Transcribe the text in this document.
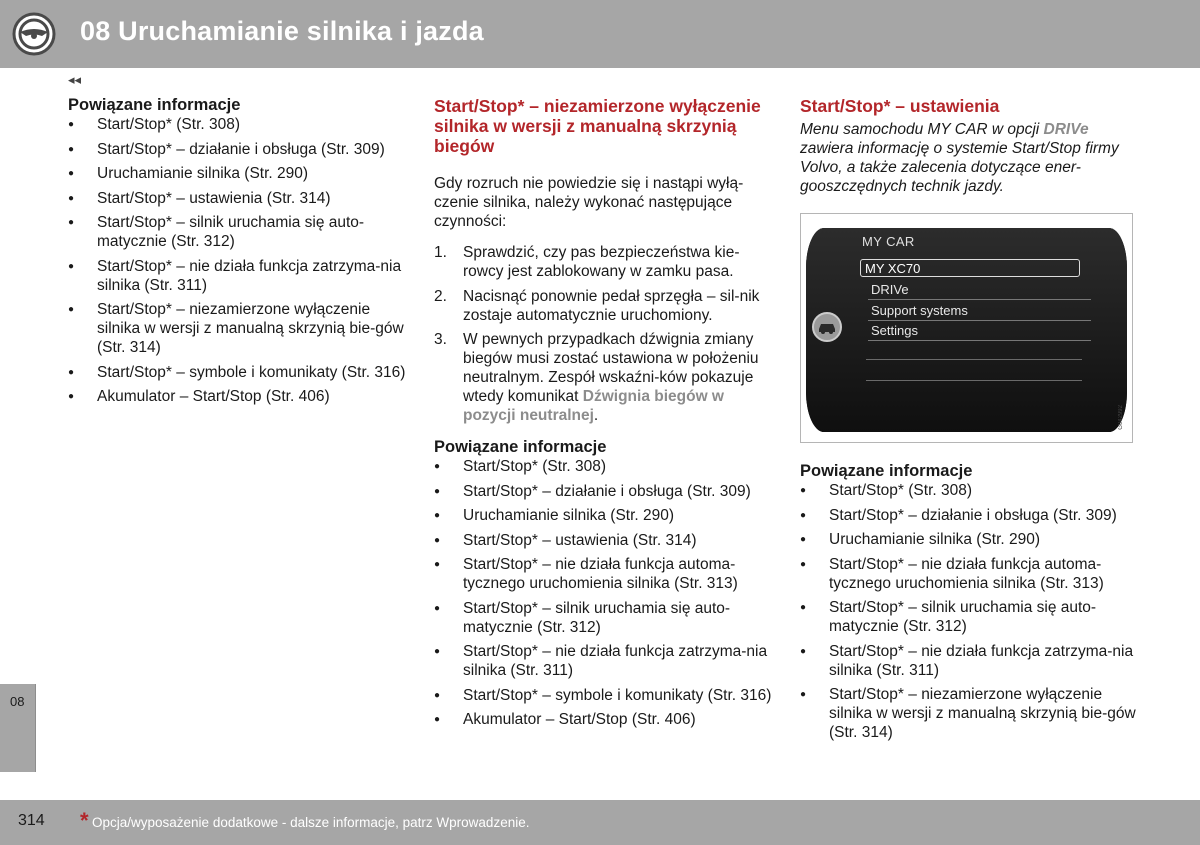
08 Uruchamianie silnika i jazda
◂◂
Powiązane informacje
● Start/Stop* (Str. 308)
● Start/Stop* – działanie i obsługa (Str. 309)
● Uruchamianie silnika (Str. 290)
● Start/Stop* – ustawienia (Str. 314)
● Start/Stop* – silnik uruchamia się auto-matycznie (Str. 312)
● Start/Stop* – nie działa funkcja zatrzyma-nia silnika (Str. 311)
● Start/Stop* – niezamierzone wyłączenie silnika w wersji z manualną skrzynią bie-gów (Str. 314)
● Start/Stop* – symbole i komunikaty (Str. 316)
● Akumulator – Start/Stop (Str. 406)
Start/Stop* – niezamierzone wyłączenie silnika w wersji z manualną skrzynią biegów

Gdy rozruch nie powiedzie się i nastąpi wyłą-czenie silnika, należy wykonać następujące czynności:

1. Sprawdzić, czy pas bezpieczeństwa kie-rowcy jest zablokowany w zamku pasa.
2. Nacisnąć ponownie pedał sprzęgła – sil-nik zostaje automatycznie uruchomiony.
3. W pewnych przypadkach dźwignia zmiany biegów musi zostać ustawiona w położeniu neutralnym. Zespół wskaźni-ków pokazuje wtedy komunikat Dźwignia biegów w pozycji neutralnej.
Powiązane informacje
● Start/Stop* (Str. 308)
● Start/Stop* – działanie i obsługa (Str. 309)
● Uruchamianie silnika (Str. 290)
● Start/Stop* – ustawienia (Str. 314)
● Start/Stop* – nie działa funkcja automa-tycznego uruchomienia silnika (Str. 313)
● Start/Stop* – silnik uruchamia się auto-matycznie (Str. 312)
● Start/Stop* – nie działa funkcja zatrzyma-nia silnika (Str. 311)
● Start/Stop* – symbole i komunikaty (Str. 316)
● Akumulator – Start/Stop (Str. 406)
Start/Stop* – ustawienia

Menu samochodu MY CAR w opcji DRIVe zawiera informację o systemie Start/Stop firmy Volvo, a także zalecenia dotyczące ener-gooszczędnych technik jazdy.

MY CAR
MY XC70
DRIVe
Support systems
Settings
G042992
Powiązane informacje
● Start/Stop* (Str. 308)
● Start/Stop* – działanie i obsługa (Str. 309)
● Uruchamianie silnika (Str. 290)
● Start/Stop* – nie działa funkcja automa-tycznego uruchomienia silnika (Str. 313)
● Start/Stop* – silnik uruchamia się auto-matycznie (Str. 312)
● Start/Stop* – nie działa funkcja zatrzyma-nia silnika (Str. 311)
● Start/Stop* – niezamierzone wyłączenie silnika w wersji z manualną skrzynią bie-gów (Str. 314)
08
314 * Opcja/wyposażenie dodatkowe - dalsze informacje, patrz Wprowadzenie.
